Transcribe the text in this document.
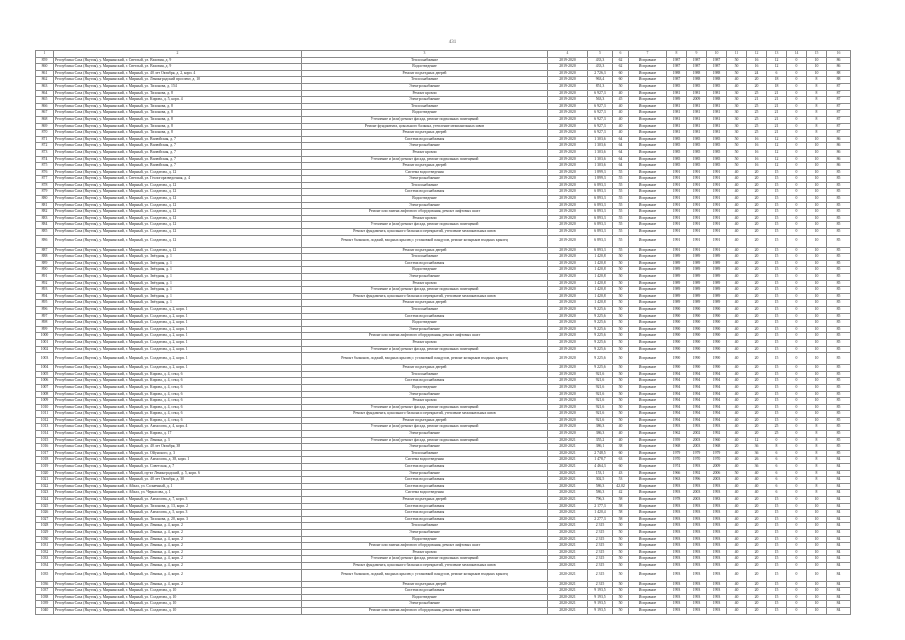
431
1	2	3	4	5	6	7	8	9	10	11	12	13	14	15	16
859	Республика Саха (Якутия), у. Мирнинский, г. Светлый, ул. Ваховия, д. 9	Теплоснабжение	2019-2020	433,3	62	Исправное	1987	1987	1987	50	16	12	0	10	86
860	Республика Саха (Якутия), у. Мирнинский, г. Светлый, ул. Ваховия, д. 9	Водоотведение	2019-2020	433,3	62	Исправное	1987	1987	1987	50	16	12	0	10	86
861	Республика Саха (Якутия), у. Мирнинский, г. Мирный, ул. 40 лет Октября, д. 2, корп. 4	Ремонт подъездных дверей	2019-2020	2 726,3	60	Исправное	1988	1988	1988	50	24	6	0	10	88
862	Республика Саха (Якутия), у. Мирнинский, г. Мирный, ул. Ленинградский проспект, д. 10	Теплоснабжение	2019-2020	963,4	60	Исправное	1987	1988	1988	40	20	18	0	8	88
863	Республика Саха (Якутия), у. Мирнинский, г. Мирный, ул. Тихонова, д. 154	Электроснабжение	2019-2020	851,3	50	Исправное	1985	1985	1985	40	20	18	0	8	87
864	Республика Саха (Якутия), у. Мирнинский, г. Мирный, ул. Тихонова, д. 8	Ремонт кровли	2019-2020	6 927,3	40	Исправное	1981	1981	1981	30	25	21	0	8	87
865	Республика Саха (Якутия), у. Мирнинский, г. Мирный, ул. Кирова, д. 5, корп. 4	Электроснабжение	2019-2020	563,3	45	Исправное	1989	2009	1988	30	21	21	0	8	87
866	Республика Саха (Якутия), у. Мирнинский, г. Мирный, ул. Тихонова, д. 8	Теплоснабжение	2019-2020	6 927,3	40	Исправное	1981	1981	1981	30	25	21	0	8	87
867	Республика Саха (Якутия), у. Мирнинский, г. Мирный, ул. Тихонова, д. 8	Водоотведение	2019-2020	6 927,3	40	Исправное	1981	1981	1981	30	25	21	0	8	87
868	Республика Саха (Якутия), у. Мирнинский, г. Мирный, ул. Тихонова, д. 8	Утепление и (или) ремонт фасада, ремонт подвальных помещений	2019-2020	6 927,3	40	Исправное	1981	1981	1981	30	25	21	0	8	87
869	Республика Саха (Якутия), у. Мирнинский, г. Мирный, ул. Тихонова, д. 8	Ремонт фундамента, цокольного балкона, утепление межпанельных швов	2019-2020	6 927,3	40	Исправное	1981	1981	1981	30	25	21	0	8	87
870	Республика Саха (Якутия), у. Мирнинский, г. Мирный, ул. Тихонова, д. 8	Ремонт подъездных дверей	2019-2020	6 927,3	40	Исправное	1981	1981	1981	30	25	21	0	8	87
871	Республика Саха (Якутия), у. Мирнинский, г. Мирный, ул. Вилюйская, д. 7	Система водоснабжения	2019-2020	1 303,6	64	Исправное	1985	1985	1985	50	16	12	0	10	86
872	Республика Саха (Якутия), у. Мирнинский, г. Мирный, ул. Вилюйская, д. 7	Электроснабжение	2019-2020	1 303,6	64	Исправное	1985	1985	1985	50	16	12	0	10	86
873	Республика Саха (Якутия), у. Мирнинский, г. Мирный, ул. Вилюйская, д. 7	Ремонт кровли	2019-2020	1 303,6	64	Исправное	1985	1985	1985	50	16	12	0	10	86
874	Республика Саха (Якутия), у. Мирнинский, г. Мирный, ул. Вилюйская, д. 7	Утепление и (или) ремонт фасада, ремонт подвальных помещений	2019-2020	1 303,6	64	Исправное	1985	1985	1985	50	16	12	0	10	86
875	Республика Саха (Якутия), у. Мирнинский, г. Мирный, ул. Вилюйская, д. 7	Ремонт подъездных дверей	2019-2020	1 303,6	64	Исправное	1985	1985	1985	50	16	12	0	10	86
876	Республика Саха (Якутия), у. Мирнинский, г. Мирный, ул. Солдатова, д. 12	Система водоотведения	2019-2020	1 899,3	55	Исправное	1991	1991	1991	40	20	15	0	10	85
877	Республика Саха (Якутия), у. Мирнинский, г. Светлый, ул. Геологоразведочная, д. 4	Электроснабжение	2019-2020	1 899,3	55	Исправное	1991	1991	1991	40	20	15	0	10	85
878	Республика Саха (Якутия), у. Мирнинский, г. Мирный, ул. Солдатова, д. 12	Теплоснабжение	2019-2020	6 893,3	55	Исправное	1991	1991	1991	40	20	15	0	10	85
879	Республика Саха (Якутия), у. Мирнинский, г. Мирный, ул. Солдатова, д. 12	Система водоснабжения	2019-2020	6 893,3	55	Исправное	1991	1991	1991	40	20	15	0	10	85
880	Республика Саха (Якутия), у. Мирнинский, г. Мирный, ул. Солдатова, д. 12	Водоотведение	2019-2020	6 893,3	55	Исправное	1991	1991	1991	40	20	15	0	10	85
881	Республика Саха (Якутия), у. Мирнинский, г. Мирный, ул. Солдатова, д. 12	Электроснабжение	2019-2020	6 893,3	55	Исправное	1991	1991	1991	40	20	15	0	10	85
882	Республика Саха (Якутия), у. Мирнинский, г. Мирный, ул. Солдатова, д. 12	Ремонт или замена лифтового оборудования, ремонт лифтовых шахт	2019-2020	6 893,3	55	Исправное	1991	1991	1991	40	20	15	0	10	85
883	Республика Саха (Якутия), у. Мирнинский, г. Мирный, ул. Солдатова, д. 12	Ремонт кровли	2019-2020	6 893,3	55	Исправное	1991	1991	1991	40	20	15	0	10	85
884	Республика Саха (Якутия), у. Мирнинский, г. Мирный, ул. Солдатова, д. 12	Утепление и (или) ремонт фасада, ремонт подвальных помещений	2019-2020	6 893,3	55	Исправное	1991	1991	1991	40	20	15	0	10	85
885	Республика Саха (Якутия), у. Мирнинский, г. Мирный, ул. Солдатова, д. 12	Ремонт фундамента, цокольного балкона и перекрытий, утепление межпанельных швов	2019-2020	6 893,3	55	Исправное	1991	1991	1991	40	20	15	0	10	85
886	Республика Саха (Якутия), у. Мирнинский, г. Мирный, ул. Солдатова, д. 12	Ремонт балконов, лоджий, входных крылец с установкой пандусов, ремонт козырьков входных крылец	2019-2020	6 893,3	55	Исправное	1991	1991	1991	40	20	15	0	10	85
887	Республика Саха (Якутия), у. Мирнинский, г. Мирный, ул. Солдатова, д. 12	Ремонт подъездных дверей	2019-2020	6 893,3	55	Исправное	1991	1991	1991	40	20	15	0	10	85
888	Республика Саха (Якутия), у. Мирнинский, г. Мирный, ул. Звёздная, д. 1	Теплоснабжение	2019-2020	1 420,8	50	Исправное	1989	1989	1989	40	20	15	0	10	85
889	Республика Саха (Якутия), у. Мирнинский, г. Мирный, ул. Звёздная, д. 1	Система водоснабжения	2019-2020	1 420,8	50	Исправное	1989	1989	1989	40	20	15	0	10	85
890	Республика Саха (Якутия), у. Мирнинский, г. Мирный, ул. Звёздная, д. 1	Водоотведение	2019-2020	1 420,8	50	Исправное	1989	1989	1989	40	20	15	0	10	85
891	Республика Саха (Якутия), у. Мирнинский, г. Мирный, ул. Звёздная, д. 1	Электроснабжение	2019-2020	1 420,8	50	Исправное	1989	1989	1989	40	20	15	0	10	85
892	Республика Саха (Якутия), у. Мирнинский, г. Мирный, ул. Звёздная, д. 1	Ремонт кровли	2019-2020	1 420,8	50	Исправное	1989	1989	1989	40	20	15	0	10	85
893	Республика Саха (Якутия), у. Мирнинский, г. Мирный, ул. Звёздная, д. 1	Утепление и (или) ремонт фасада, ремонт подвальных помещений	2019-2020	1 420,8	50	Исправное	1989	1989	1989	40	20	15	0	10	85
894	Республика Саха (Якутия), у. Мирнинский, г. Мирный, ул. Звёздная, д. 1	Ремонт фундамента, цокольного балкона и перекрытий, утепление межпанельных швов	2019-2020	1 420,8	50	Исправное	1989	1989	1989	40	20	15	0	10	85
895	Республика Саха (Якутия), у. Мирнинский, г. Мирный, ул. Звёздная, д. 1	Ремонт подъездных дверей	2019-2020	1 420,8	50	Исправное	1989	1989	1989	40	20	15	0	10	85
896	Республика Саха (Якутия), у. Мирнинский, г. Мирный, ул. Солдатова, д. 2, корп. 1	Теплоснабжение	2019-2020	9 225,6	50	Исправное	1990	1990	1990	40	20	15	0	10	85
897	Республика Саха (Якутия), у. Мирнинский, г. Мирный, ул. Солдатова, д. 2, корп. 1	Система водоснабжения	2019-2020	9 225,6	50	Исправное	1990	1990	1990	40	20	15	0	10	85
898	Республика Саха (Якутия), у. Мирнинский, г. Мирный, ул. Солдатова, д. 2, корп. 1	Водоотведение	2019-2020	9 225,6	50	Исправное	1990	1990	1990	40	20	15	0	10	85
899	Республика Саха (Якутия), у. Мирнинский, г. Мирный, ул. Солдатова, д. 2, корп. 1	Электроснабжение	2019-2020	9 225,6	50	Исправное	1990	1990	1990	40	20	15	0	10	85
1000	Республика Саха (Якутия), у. Мирнинский, г. Мирный, ул. Солдатова, д. 2, корп. 1	Ремонт или замена лифтового оборудования, ремонт лифтовых шахт	2019-2020	9 225,6	50	Исправное	1990	1990	1990	40	20	15	0	10	85
1001	Республика Саха (Якутия), у. Мирнинский, г. Мирный, ул. Солдатова, д. 2, корп. 1	Ремонт кровли	2019-2020	9 225,6	50	Исправное	1990	1990	1990	40	20	15	0	10	85
1002	Республика Саха (Якутия), у. Мирнинский, г. Мирный, ул. Солдатова, д. 2, корп. 1	Утепление и (или) ремонт фасада, ремонт подвальных помещений	2019-2020	9 225,6	50	Исправное	1990	1990	1990	40	20	15	0	10	85
1003	Республика Саха (Якутия), у. Мирнинский, г. Мирный, ул. Солдатова, д. 2, корп. 1	Ремонт балконов, лоджий, входных крылец с установкой пандусов, ремонт козырьков входных крылец	2019-2020	9 225,6	50	Исправное	1990	1990	1990	40	20	15	0	10	85
1004	Республика Саха (Якутия), у. Мирнинский, г. Мирный, ул. Солдатова, д. 2, корп. 1	Ремонт подъездных дверей	2019-2020	9 225,6	50	Исправное	1990	1990	1990	40	20	15	0	10	85
1005	Республика Саха (Якутия), у. Мирнинский, г. Мирный, ул. Кирова, д. 4, секц. 6	Теплоснабжение	2019-2020	921,6	50	Исправное	1994	1994	1994	40	20	15	0	10	85
1006	Республика Саха (Якутия), у. Мирнинский, г. Мирный, ул. Кирова, д. 4, секц. 6	Система водоснабжения	2019-2020	921,6	50	Исправное	1994	1994	1994	40	20	15	0	10	85
1007	Республика Саха (Якутия), у. Мирнинский, г. Мирный, ул. Кирова, д. 4, секц. 6	Водоотведение	2019-2020	921,6	50	Исправное	1994	1994	1994	40	20	15	0	10	85
1008	Республика Саха (Якутия), у. Мирнинский, г. Мирный, ул. Кирова, д. 4, секц. 6	Электроснабжение	2019-2020	921,6	50	Исправное	1994	1994	1994	40	20	15	0	10	85
1009	Республика Саха (Якутия), у. Мирнинский, г. Мирный, ул. Кирова, д. 4, секц. 6	Ремонт кровли	2019-2020	921,6	50	Исправное	1994	1994	1994	40	20	15	0	10	85
1010	Республика Саха (Якутия), у. Мирнинский, г. Мирный, ул. Кирова, д. 4, секц. 6	Утепление и (или) ремонт фасада, ремонт подвальных помещений	2019-2020	921,6	50	Исправное	1994	1994	1994	40	20	15	0	10	85
1011	Республика Саха (Якутия), у. Мирнинский, г. Мирный, ул. Кирова, д. 4, секц. 6	Ремонт фундамента, цокольного балкона и перекрытий, утепление межпанельных швов	2019-2020	921,6	50	Исправное	1994	1994	1994	40	20	15	0	10	85
1012	Республика Саха (Якутия), у. Мирнинский, г. Мирный, ул. Кирова, д. 4, секц. 6	Ремонт подъездных дверей	2019-2020	921,6	50	Исправное	1994	1994	1994	40	20	15	0	10	85
1013	Республика Саха (Якутия), у. Мирнинский, г. Мирный, ул. Аммосова, д. 4, корп. 4	Утепление и (или) ремонт фасада, ремонт подвальных помещений	2019-2020	386,3	40	Исправное	1993	1993	1993	40	20	25	0	8	85
1014	Республика Саха (Якутия), у. Мирнинский, г. Мирный, ул. Кирова, д. 17	Электроснабжение	2019-2020	386,3	40	Исправное	1962	2002	1992	40	20	25	0	8	85
1015	Республика Саха (Якутия), у. Мирнинский, г. Мирный, ул. Ленина, д. 3	Утепление и (или) ремонт фасада, ремонт подвальных помещений	2020-2021	355,2	40	Исправное	1959	2003	1960	40	12	0	0	8	85
1016	Республика Саха (Якутия), у. Мирнинский, г. Мирный, ул. 40 лет Октября, 38	Электроснабжение	2020-2021	386,1	38	Исправное	1968	2003	1968	20	36	8	0	8	85
1017	Республика Саха (Якутия), у. Мирнинский, г. Мирный, ул. Ойунского, д. 3	Теплоснабжение	2020-2021	2 748,5	60	Исправное	1979	1979	1979	40	36	6	0	8	85
1018	Республика Саха (Якутия), у. Мирнинский, г. Мирный, ул. Аммосова, д. 38, корп. 1	Система водоотведения	2020-2021	1 478,7	63	Исправное	1970	1970	1970	40	26	6	0	8	84
1019	Республика Саха (Якутия), у. Мирнинский, г. Мирный, ул. Советская, д. 7	Система водоснабжения	2020-2021	4 464,3	60	Исправное	1974	1993	2009	40	36	6	0	8	84
1020	Республика Саха (Якутия), у. Мирнинский, г. Мирный, пр-кт Ленинградский, д. 5, корп. 6	Электроснабжение	2020-2021	153,1	43	Исправное	1966	1992	2006	50	40	6	0	8	84
1021	Республика Саха (Якутия), у. Мирнинский, г. Мирный, ул. 40 лет Октября, д. 30	Система водоснабжения	2020-2021	302,5	53	Исправное	1963	1996	2003	40	40	6	0	8	84
1022	Республика Саха (Якутия), у. Мирнинский, г. Айхал, ул. Солнечный, д. 1	Система водоснабжения	2020-2021	586,3	42,02	Исправное	1993	1993	1993	40	40	6	0	8	84
1023	Республика Саха (Якутия), у. Мирнинский, г. Айхал, ул. Черкасова, д. 1	Система водоотведения	2020-2021	586,3	42	Исправное	1993	2003	1993	40	40	6	0	8	84
1024	Республика Саха (Якутия), у. Мирнинский, г. Мирный, ул. Аммосова, д. 7, корп. 3	Ремонт подъездных дверей	2020-2021	796,3	58	Исправное	1978	2003	1983	40	20	15	0	10	84
1025	Республика Саха (Якутия), у. Мирнинский, г. Мирный, ул. Тихонова, д. 13, корп. 2	Система водоснабжения	2020-2021	2 177,3	58	Исправное	1993	1993	1993	40	20	15	0	10	84
1026	Республика Саха (Якутия), у. Мирнинский, г. Мирный, ул. Аммосова, д. 5, корп. 3	Система водоснабжения	2020-2021	1 420,4	58	Исправное	1993	1993	1993	40	20	15	0	10	84
1027	Республика Саха (Якутия), у. Мирнинский, г. Мирный, ул. Тихонова, д. 20, корп. 3	Система водоснабжения	2020-2021	2 277,3	58	Исправное	1993	1993	1993	40	20	15	0	10	84
1028	Республика Саха (Якутия), у. Мирнинский, г. Мирный, ул. Ленина, д. 4, корп. 2	Теплоснабжение	2020-2021	2 315	50	Исправное	1993	1993	1993	40	20	15	0	10	84
1029	Республика Саха (Якутия), у. Мирнинский, г. Мирный, ул. Ленина, д. 4, корп. 2	Электроснабжение	2020-2021	2 315	50	Исправное	1993	1993	1993	40	20	15	0	10	84
1030	Республика Саха (Якутия), у. Мирнинский, г. Мирный, ул. Ленина, д. 4, корп. 2	Водоотведение	2020-2021	2 315	50	Исправное	1993	1993	1993	40	20	15	0	10	84
1031	Республика Саха (Якутия), у. Мирнинский, г. Мирный, ул. Ленина, д. 4, корп. 2	Ремонт или замена лифтового оборудования, ремонт лифтовых шахт	2020-2021	2 315	50	Исправное	1993	1993	1993	40	20	15	0	10	84
1032	Республика Саха (Якутия), у. Мирнинский, г. Мирный, ул. Ленина, д. 4, корп. 2	Ремонт кровли	2020-2021	2 315	50	Исправное	1993	1993	1993	40	20	15	0	10	84
1033	Республика Саха (Якутия), у. Мирнинский, г. Мирный, ул. Ленина, д. 4, корп. 2	Утепление и (или) ремонт фасада, ремонт подвальных помещений	2020-2021	2 315	50	Исправное	1993	1993	1993	40	20	15	0	10	84
1034	Республика Саха (Якутия), у. Мирнинский, г. Мирный, ул. Ленина, д. 4, корп. 2	Ремонт фундамента, цокольного балкона и перекрытий, утепление межпанельных швов	2020-2021	2 315	50	Исправное	1993	1993	1993	40	20	15	0	10	84
1035	Республика Саха (Якутия), у. Мирнинский, г. Мирный, ул. Ленина, д. 4, корп. 2	Ремонт балконов, лоджий, входных крылец с установкой пандусов, ремонт козырьков входных крылец	2020-2021	2 315	50	Исправное	1993	1993	1993	40	20	15	0	10	84
1036	Республика Саха (Якутия), у. Мирнинский, г. Мирный, ул. Ленина, д. 4, корп. 2	Ремонт подъездных дверей	2020-2021	2 315	50	Исправное	1993	1993	1993	40	20	15	0	10	84
1037	Республика Саха (Якутия), у. Мирнинский, г. Мирный, ул. Солдатова, д. 10	Система водоснабжения	2020-2021	9 193,5	50	Исправное	1993	1993	1993	40	20	15	0	10	84
1038	Республика Саха (Якутия), у. Мирнинский, г. Мирный, ул. Солдатова, д. 10	Водоотведение	2020-2021	9 193,5	50	Исправное	1993	1993	1993	40	20	15	0	10	84
1039	Республика Саха (Якутия), у. Мирнинский, г. Мирный, ул. Солдатова, д. 10	Электроснабжение	2020-2021	9 193,5	50	Исправное	1993	1993	1993	40	20	15	0	10	84
1040	Республика Саха (Якутия), у. Мирнинский, г. Мирный, ул. Солдатова, д. 10	Ремонт или замена лифтового оборудования, ремонт лифтовых шахт	2020-2021	9 193,5	50	Исправное	1993	1993	1993	40	20	15	0	10	84
